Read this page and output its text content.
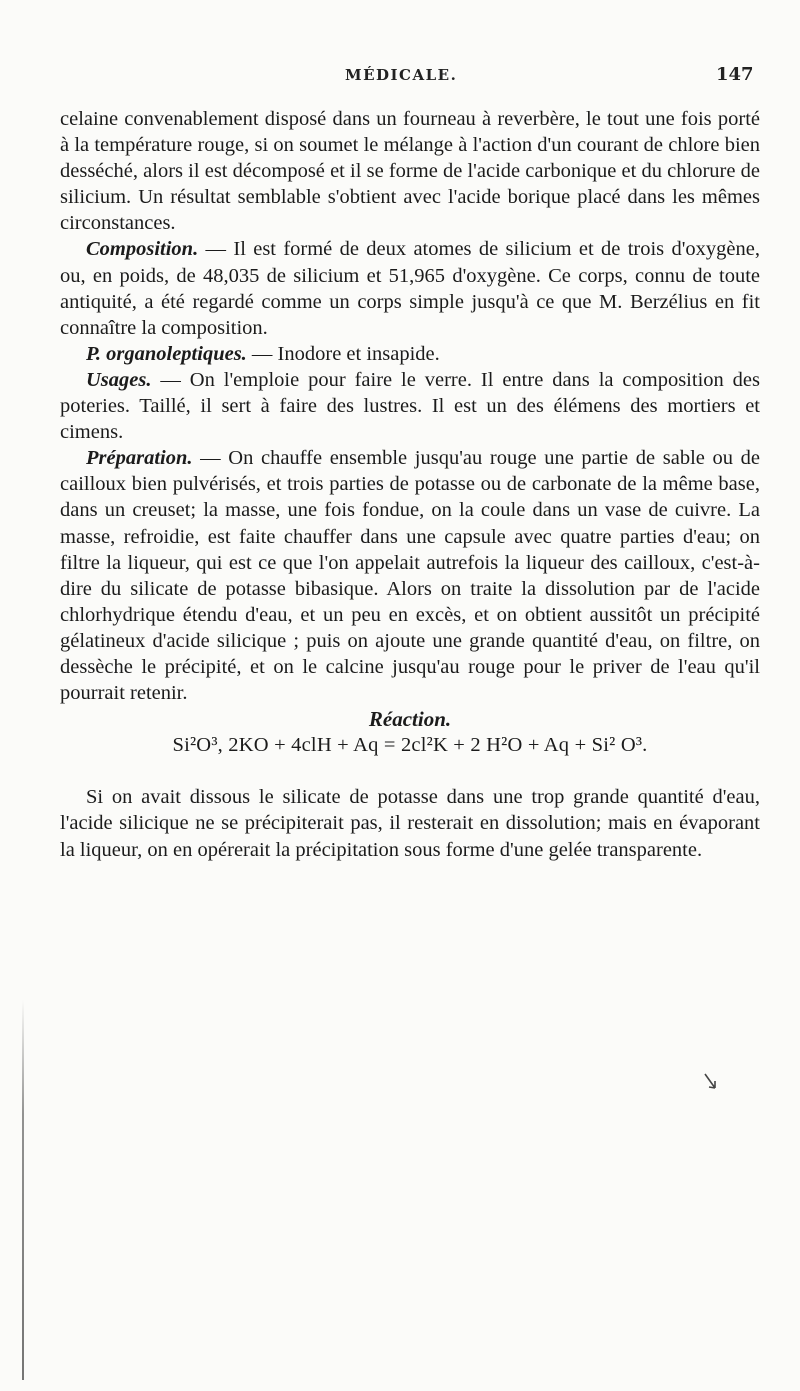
MÉDICALE.	147

celaine convenablement disposé dans un fourneau à reverbère, le tout une fois porté à la température rouge, si on soumet le mélange à l'action d'un courant de chlore bien desséché, alors il est décomposé et il se forme de l'acide carbonique et du chlorure de silicium. Un résultat semblable s'obtient avec l'acide borique placé dans les mêmes circonstances.

Composition. — Il est formé de deux atomes de silicium et de trois d'oxygène, ou, en poids, de 48,035 de silicium et 51,965 d'oxygène. Ce corps, connu de toute antiquité, a été regardé comme un corps simple jusqu'à ce que M. Berzélius en fit connaître la composition.

P. organoleptiques. — Inodore et insapide.

Usages. — On l'emploie pour faire le verre. Il entre dans la composition des poteries. Taillé, il sert à faire des lustres. Il est un des élémens des mortiers et cimens.

Préparation. — On chauffe ensemble jusqu'au rouge une partie de sable ou de cailloux bien pulvérisés, et trois parties de potasse ou de carbonate de la même base, dans un creuset; la masse, une fois fondue, on la coule dans un vase de cuivre. La masse, refroidie, est faite chauffer dans une capsule avec quatre parties d'eau; on filtre la liqueur, qui est ce que l'on appelait autrefois la liqueur des cailloux, c'est-à-dire du silicate de potasse bibasique. Alors on traite la dissolution par de l'acide chlorhydrique étendu d'eau, et un peu en excès, et on obtient aussitôt un précipité gélatineux d'acide silicique ; puis on ajoute une grande quantité d'eau, on filtre, on dessèche le précipité, et on le calcine jusqu'au rouge pour le priver de l'eau qu'il pourrait retenir.

Réaction.

Si²O³, 2KO + 4clH + Aq = 2cl²K + 2 H²O + Aq + Si² O³.

Si on avait dissous le silicate de potasse dans une trop grande quantité d'eau, l'acide silicique ne se précipiterait pas, il resterait en dissolution; mais en évaporant la liqueur, on en opérerait la précipitation sous forme d'une gelée transparente.
